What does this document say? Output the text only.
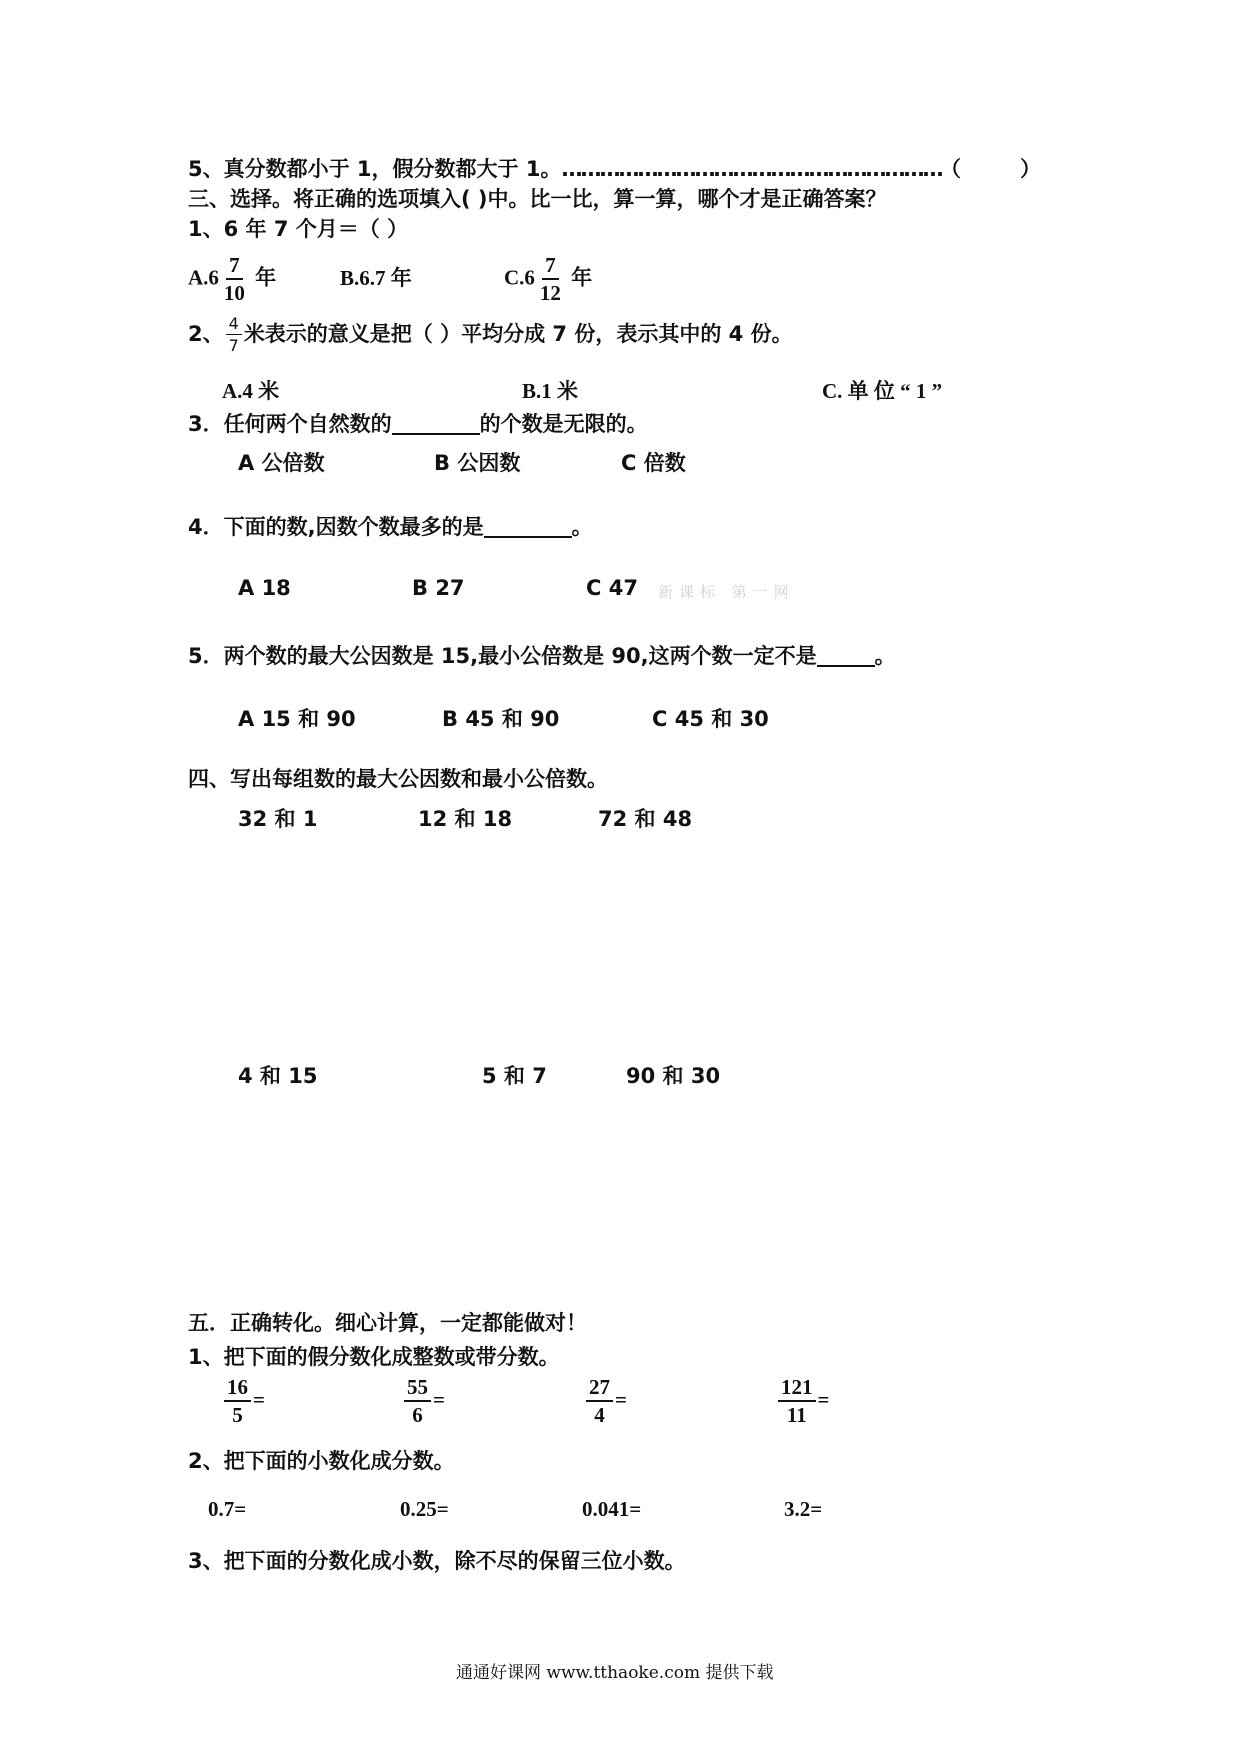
5、真分数都小于 1，假分数都大于 1。……………………………………………………
（	）
三、选择。将正确的选项填入( )中。比一比，算一算，哪个才是正确答案？
1、6 年 7 个月＝（ ）
$A.6 \frac{7}{10}$ 年	B.6.7 年	$C.6 \frac{7}{12}$ 年
2、 $\frac{4}{7}$ 米表示的意义是把（ ）平均分成 7 份，表示其中的 4 份。
A.4 米	B.1 米	C. 单 位 “ 1 ”
3．任何两个自然数的	的个数是无限的。
A 公倍数	B 公因数	C 倍数
4．下面的数,因数个数最多的是	。
A 18	B 27	C 47 新课标 第一网
5．两个数的最大公因数是 15,最小公倍数是 90,这两个数一定不是	。
A 15 和 90	B 45 和 90	C 45 和 30
四、写出每组数的最大公因数和最小公倍数。
32 和 1	12 和 18	72 和 48
4 和 15	5 和 7	90 和 30
五．正确转化。细心计算，一定都能做对！
1、把下面的假分数化成整数或带分数。
$\frac{16}{5}$ =	$\frac{55}{6}$ =	$\frac{27}{4}$ =	$\frac{121}{11}$ =
2、把下面的小数化成分数。
0.7=	0.25=	0.041=	3.2=
3、把下面的分数化成小数，除不尽的保留三位小数。
通通好课网 www.tthaoke.com 提供下载
